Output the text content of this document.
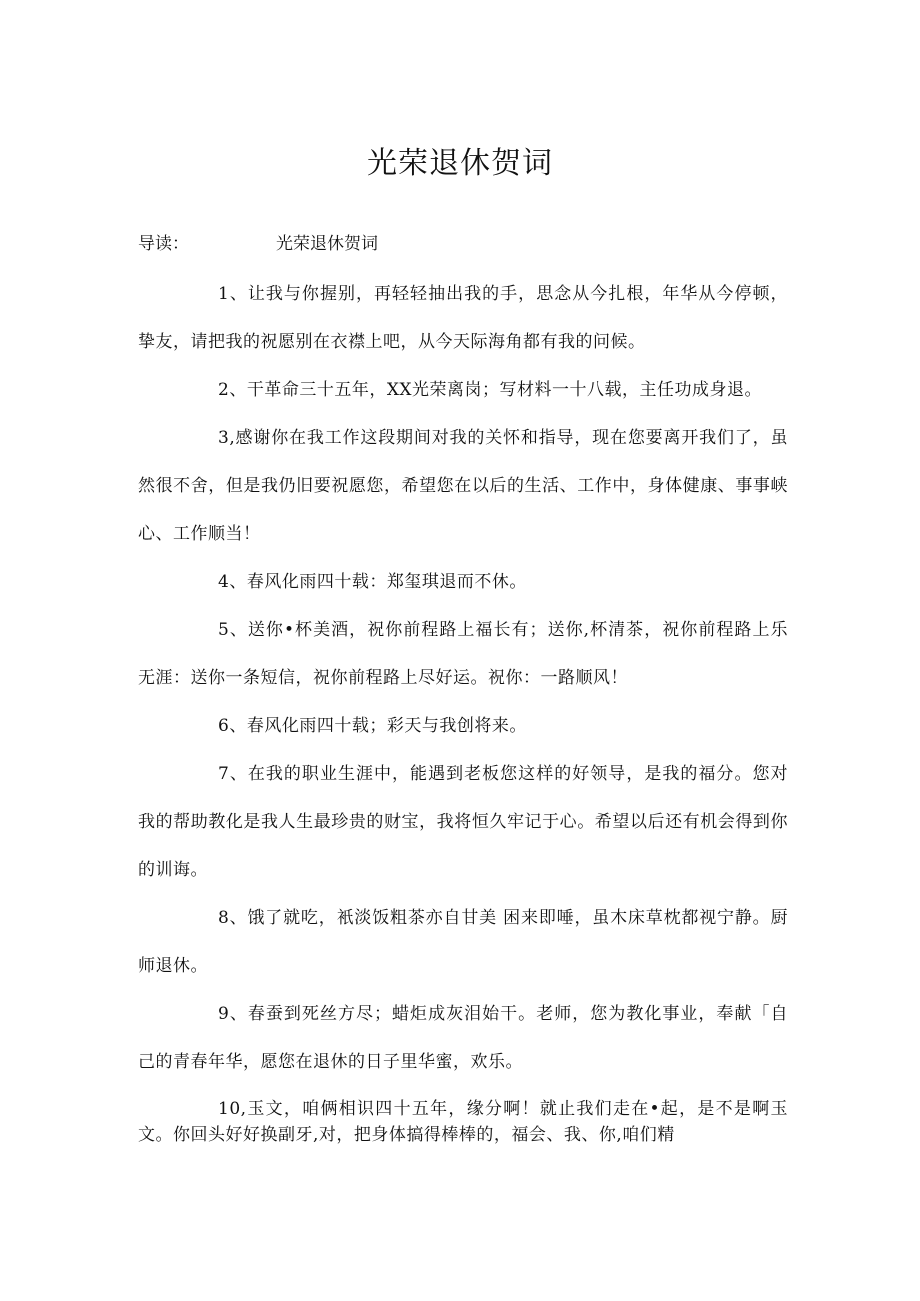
光荣退休贺词

导读：	光荣退休贺词

1、让我与你握别，再轻轻抽出我的手，思念从今扎根，年华从今停顿，挚友，请把我的祝愿别在衣襟上吧，从今天际海角都有我的问候。

2、干革命三十五年，XX光荣离岗；写材料一十八载，主任功成身退。

3,感谢你在我工作这段期间对我的关怀和指导，现在您要离开我们了，虽然很不舍，但是我仍旧要祝愿您，希望您在以后的生活、工作中，身体健康、事事峡心、工作顺当！

4、春风化雨四十载：郑玺琪退而不休。

5、送你•杯美酒，祝你前程路上福长有；送你,杯清茶，祝你前程路上乐无涯：送你一条短信，祝你前程路上尽好运。祝你：一路顺风！

6、春风化雨四十载；彩天与我创将来。

7、在我的职业生涯中，能遇到老板您这样的好领导，是我的福分。您对我的帮助教化是我人生最珍贵的财宝，我将恒久牢记于心。希望以后还有机会得到你的训诲。

8、饿了就吃，衹淡饭粗茶亦自甘美 困来即唾，虽木床草枕都视宁静。厨师退休。

9、春蚕到死丝方尽；蜡炬成灰泪始干。老师，您为教化事业，奉献「自己的青春年华，愿您在退休的日子里华蜜，欢乐。

10,玉文，咱俩相识四十五年，缘分啊！就止我们走在•起，是不是啊玉文。你回头好好换副牙,对，把身体搞得棒棒的，福会、我、你,咱们精
